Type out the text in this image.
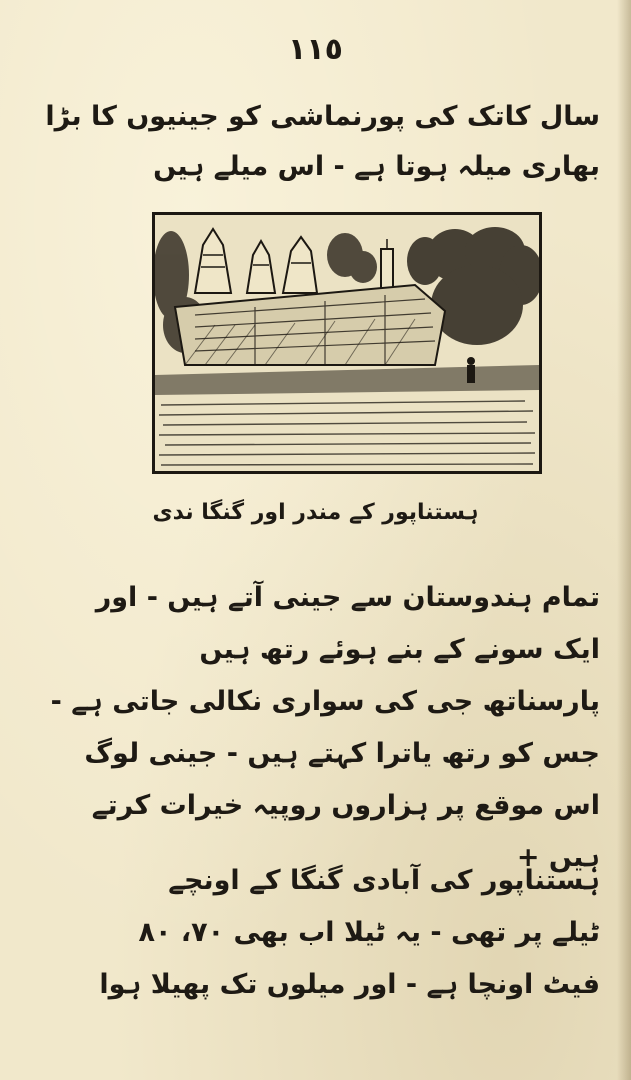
١١٥
سال کاتک کی پورنماشی کو جینیوں کا بڑا
بھاری میلہ ہوتا ہے - اس میلے ہیں
ہستناپور کے مندر اور گنگا ندی
تمام ہندوستان سے جینی آتے ہیں - اور
ایک سونے کے بنے ہوئے رتھ ہیں
پارسناتھ جی کی سواری نکالی جاتی ہے -
جس کو رتھ یاترا کہتے ہیں - جینی لوگ
اس موقع پر ہزاروں روپیہ خیرات کرتے
ہیں +
ہستناپور کی آبادی گنگا کے اونچے
ٹیلے پر تھی - یہ ٹیلا اب بھی ۷۰، ۸۰
فیٹ اونچا ہے - اور میلوں تک پھیلا ہوا
